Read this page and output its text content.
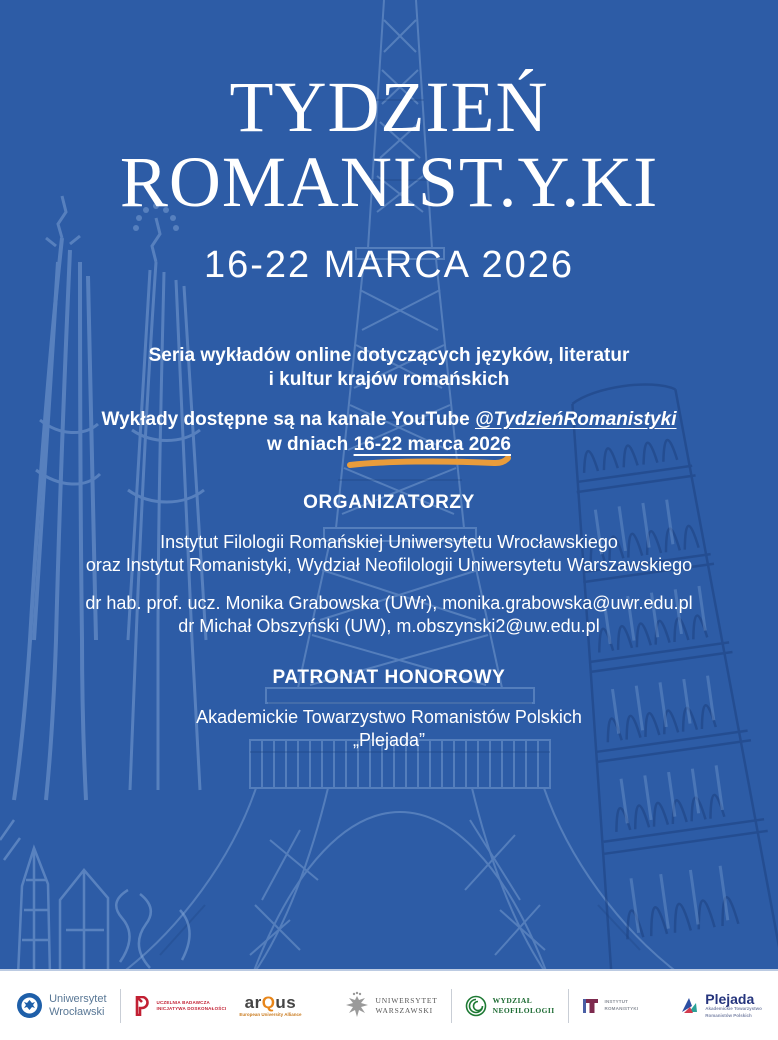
TYDZIEŃ
ROMANIST.Y.KI
16-22 MARCA 2026
Seria wykładów online dotyczących języków, literatur
i kultur krajów romańskich
Wykłady dostępne są na kanale YouTube @TydzieńRomanistyki
w dniach 16-22 marca 2026
ORGANIZATORZY
Instytut Filologii Romańskiej Uniwersytetu Wrocławskiego
oraz Instytut Romanistyki, Wydział Neofilologii Uniwersytetu Warszawskiego
dr hab. prof. ucz. Monika Grabowska (UWr), monika.grabowska@uwr.edu.pl
dr Michał Obszyński (UW), m.obszynski2@uw.edu.pl
PATRONAT HONOROWY
Akademickie Towarzystwo Romanistów Polskich
„Plejada”
Uniwersytet
Wrocławski
UCZELNIA BADAWCZA
INICJATYWA DOSKONAŁOŚCI arQus
European University Alliance
UNIWERSYTET
WARSZAWSKI
WYDZIAŁ
NEOFILOLOGII
INSTYTUT
ROMANISTYKI
Plejada
Akademickie Towarzystwo
Romanistów Polskich
